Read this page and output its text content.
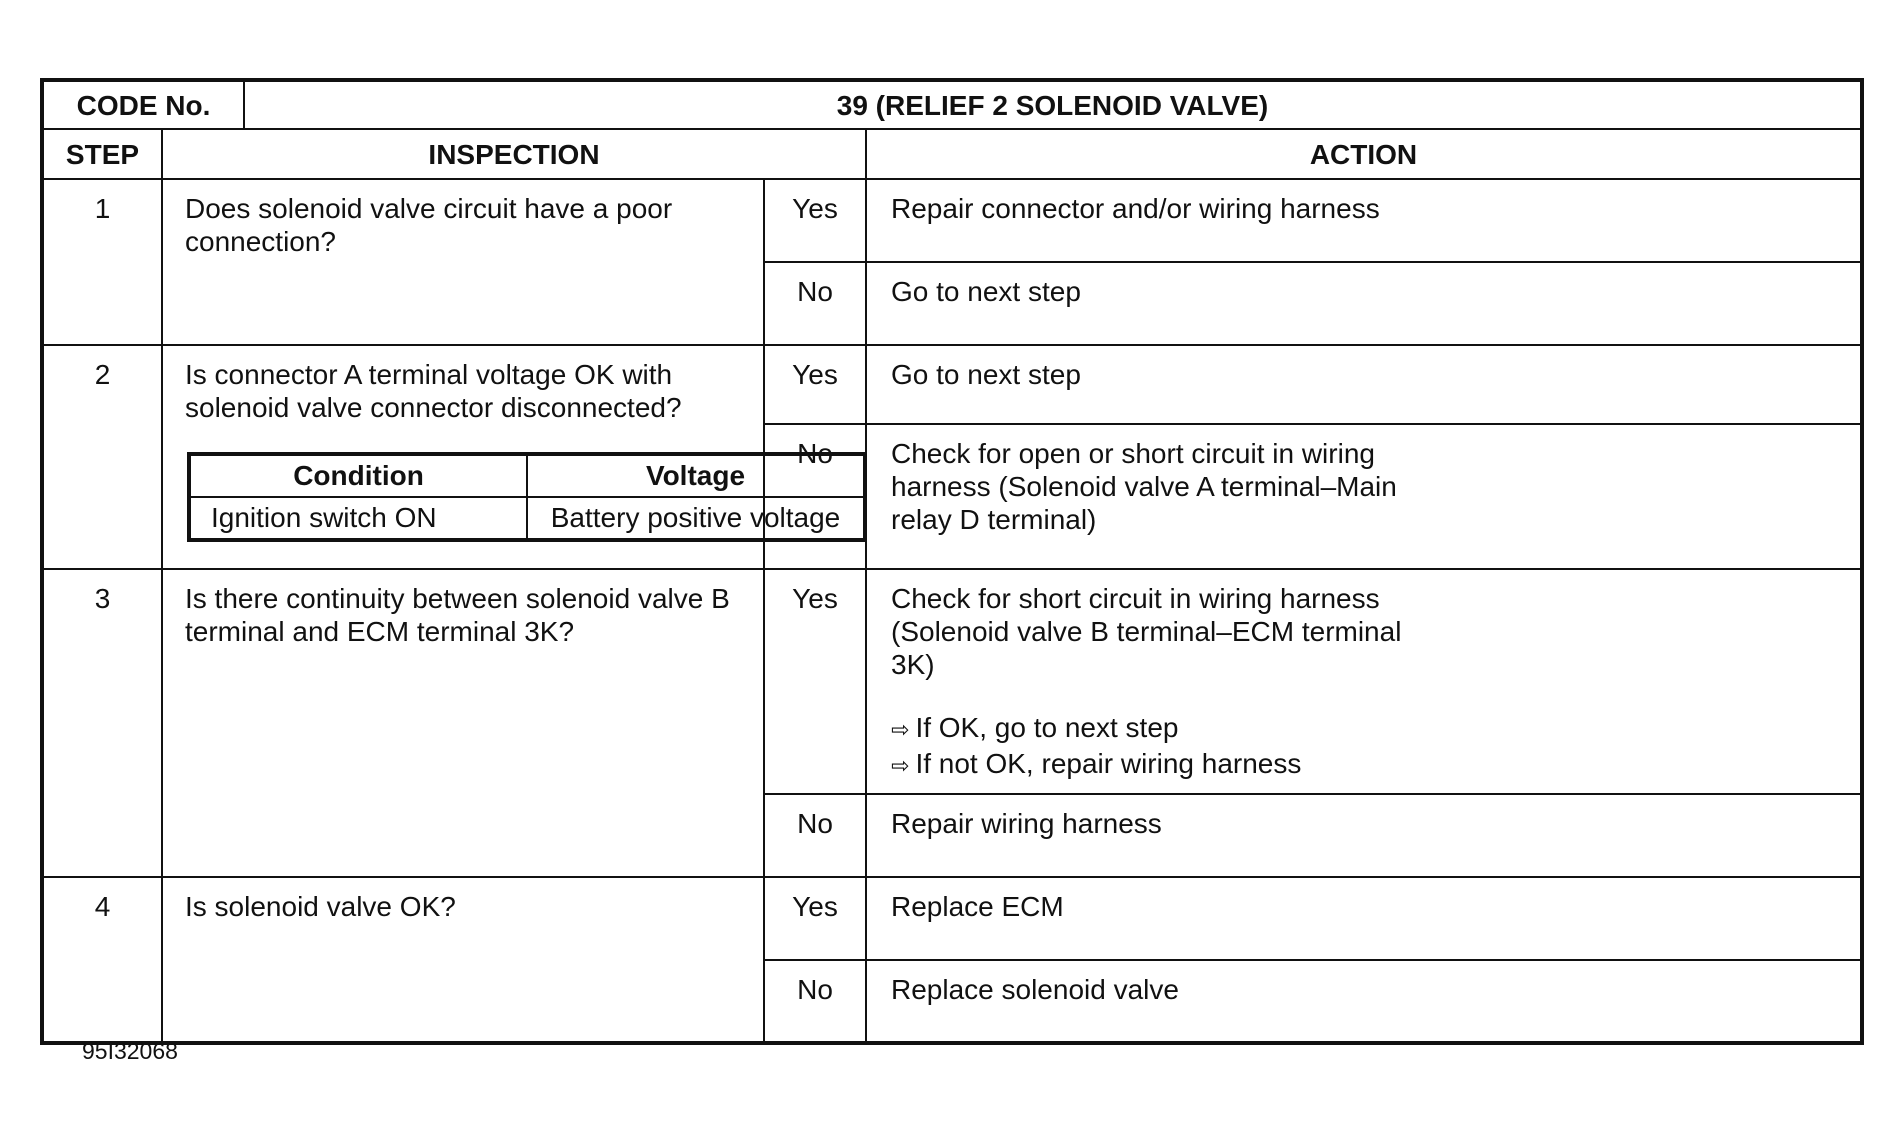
CODE No.	39 (RELIEF 2 SOLENOID VALVE)
STEP	INSPECTION	ACTION
1	Does solenoid valve circuit have a poor connection?	Yes	Repair connector and/or wiring harness

No	Go to next step

2	Is connector A terminal voltage OK with solenoid valve connector disconnected?
Condition	Voltage
Ignition switch ON	Battery positive voltage
	Yes	Go to next step

No	Check for open or short circuit in wiring harness (Solenoid valve A terminal–Main relay D terminal)

3	Is there continuity between solenoid valve B terminal and ECM terminal 3K?	Yes	Check for short circuit in wiring harness (Solenoid valve B terminal–ECM terminal 3K)
⇨ If OK, go to next step
⇨ If not OK, repair wiring harness

No	Repair wiring harness

4	Is solenoid valve OK?	Yes	Replace ECM

No	Replace solenoid valve
95I32068
